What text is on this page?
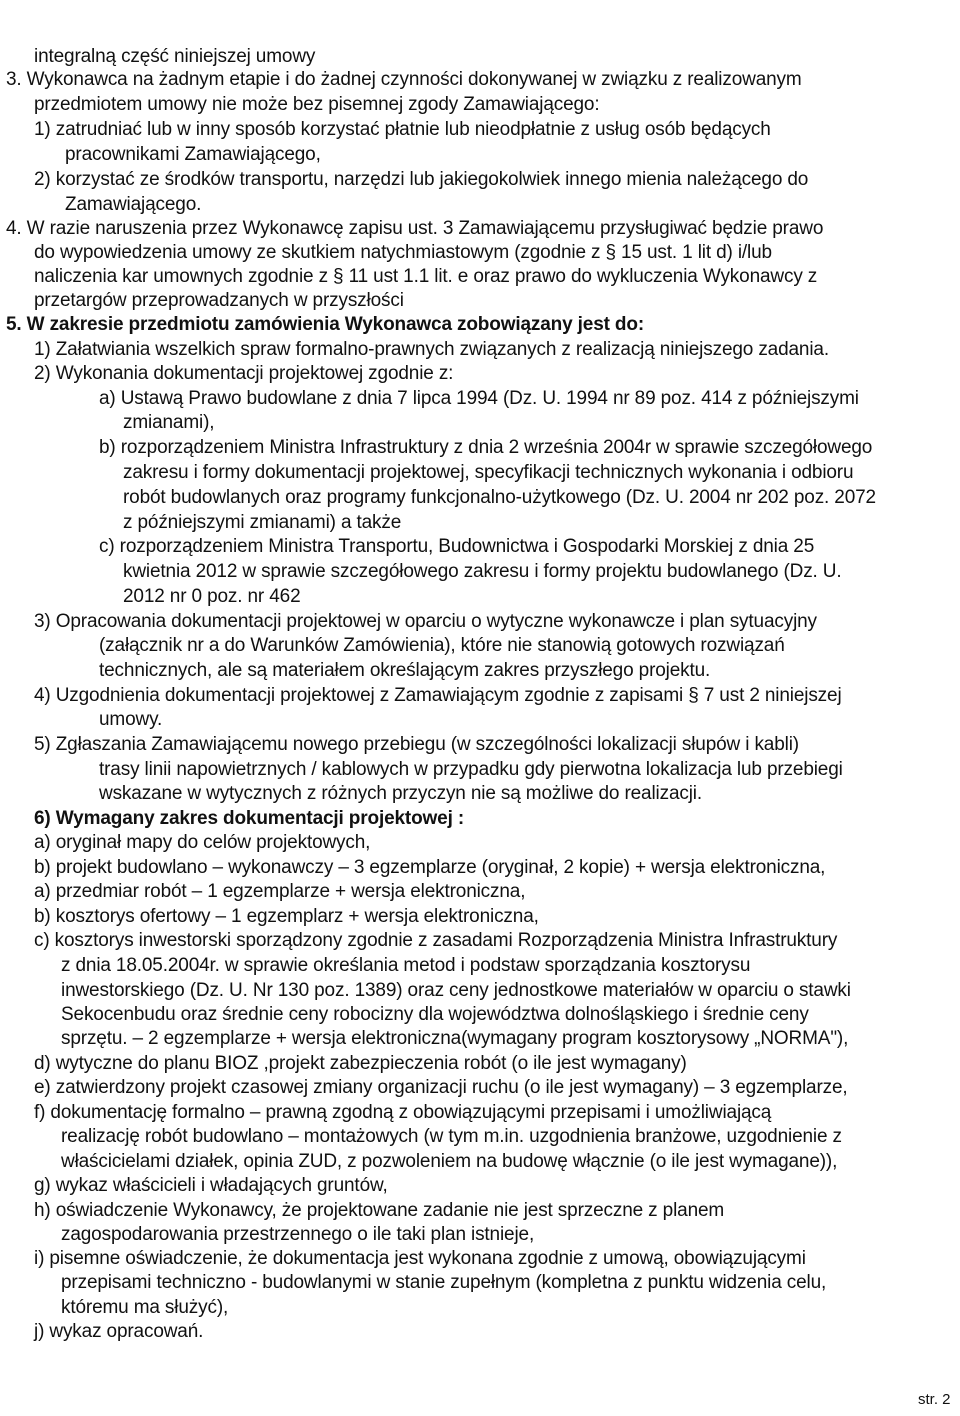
integralną część niniejszej umowy
3. Wykonawca na żadnym etapie i do żadnej czynności dokonywanej w związku z realizowanym
przedmiotem umowy nie może bez pisemnej zgody Zamawiającego:
1) zatrudniać lub w inny sposób korzystać płatnie lub nieodpłatnie z usług osób będących
pracownikami Zamawiającego,
2) korzystać ze środków transportu, narzędzi lub jakiegokolwiek innego mienia należącego do
Zamawiającego.
4. W razie naruszenia przez Wykonawcę zapisu ust. 3 Zamawiającemu przysługiwać będzie prawo
do wypowiedzenia umowy ze skutkiem natychmiastowym (zgodnie z § 15 ust. 1 lit d) i/lub
naliczenia kar umownych zgodnie z § 11 ust 1.1 lit. e oraz prawo do wykluczenia Wykonawcy z
przetargów przeprowadzanych w przyszłości
5. W zakresie przedmiotu zamówienia Wykonawca zobowiązany jest do:
1) Załatwiania wszelkich spraw formalno-prawnych związanych z realizacją niniejszego zadania.
2) Wykonania dokumentacji projektowej zgodnie z:
a) Ustawą Prawo budowlane z dnia 7 lipca 1994 (Dz. U. 1994 nr 89 poz. 414 z późniejszymi
zmianami),
b) rozporządzeniem Ministra Infrastruktury z dnia 2 września 2004r w sprawie szczegółowego
zakresu i formy dokumentacji projektowej, specyfikacji technicznych wykonania i odbioru
robót budowlanych oraz programy funkcjonalno-użytkowego (Dz. U. 2004 nr 202 poz. 2072
z późniejszymi zmianami) a także
c) rozporządzeniem Ministra Transportu, Budownictwa i Gospodarki Morskiej z dnia 25
kwietnia 2012 w sprawie szczegółowego zakresu i formy projektu budowlanego (Dz. U.
2012 nr 0 poz. nr 462
3) Opracowania dokumentacji projektowej w oparciu o wytyczne wykonawcze i plan sytuacyjny
(załącznik nr a do Warunków Zamówienia), które nie stanowią gotowych rozwiązań
technicznych, ale są materiałem określającym zakres przyszłego projektu.
4) Uzgodnienia dokumentacji projektowej z Zamawiającym zgodnie z zapisami § 7 ust 2 niniejszej
umowy.
5) Zgłaszania Zamawiającemu nowego przebiegu (w szczególności lokalizacji słupów i kabli)
trasy linii napowietrznych / kablowych w przypadku gdy pierwotna lokalizacja lub przebiegi
wskazane w wytycznych z różnych przyczyn nie są możliwe do realizacji.
6) Wymagany zakres dokumentacji projektowej :
a) oryginał mapy do celów projektowych,
b) projekt budowlano – wykonawczy – 3 egzemplarze (oryginał, 2 kopie) + wersja elektroniczna,
a) przedmiar robót – 1 egzemplarze + wersja elektroniczna,
b) kosztorys ofertowy – 1 egzemplarz + wersja elektroniczna,
c) kosztorys inwestorski sporządzony zgodnie z zasadami Rozporządzenia Ministra Infrastruktury
z dnia 18.05.2004r. w sprawie określania metod i podstaw sporządzania kosztorysu
inwestorskiego (Dz. U. Nr 130 poz. 1389) oraz ceny jednostkowe materiałów w oparciu o stawki
Sekocenbudu oraz średnie ceny robocizny dla województwa dolnośląskiego i średnie ceny
sprzętu. – 2 egzemplarze + wersja elektroniczna(wymagany program kosztorysowy „NORMA"),
d) wytyczne do planu BIOZ ,projekt zabezpieczenia robót (o ile jest wymagany)
e) zatwierdzony projekt czasowej zmiany organizacji ruchu (o ile jest wymagany) – 3 egzemplarze,
f) dokumentację formalno – prawną zgodną z obowiązującymi przepisami i umożliwiającą
realizację robót budowlano – montażowych (w tym m.in. uzgodnienia branżowe, uzgodnienie z
właścicielami działek, opinia ZUD, z pozwoleniem na budowę włącznie (o ile jest wymagane)),
g) wykaz właścicieli i władających gruntów,
h) oświadczenie Wykonawcy, że projektowane zadanie nie jest sprzeczne z planem
zagospodarowania przestrzennego o ile taki plan istnieje,
i) pisemne oświadczenie, że dokumentacja jest wykonana zgodnie z umową, obowiązującymi
przepisami techniczno - budowlanymi w stanie zupełnym (kompletna z punktu widzenia celu,
któremu ma służyć),
j) wykaz opracowań.
str. 2
